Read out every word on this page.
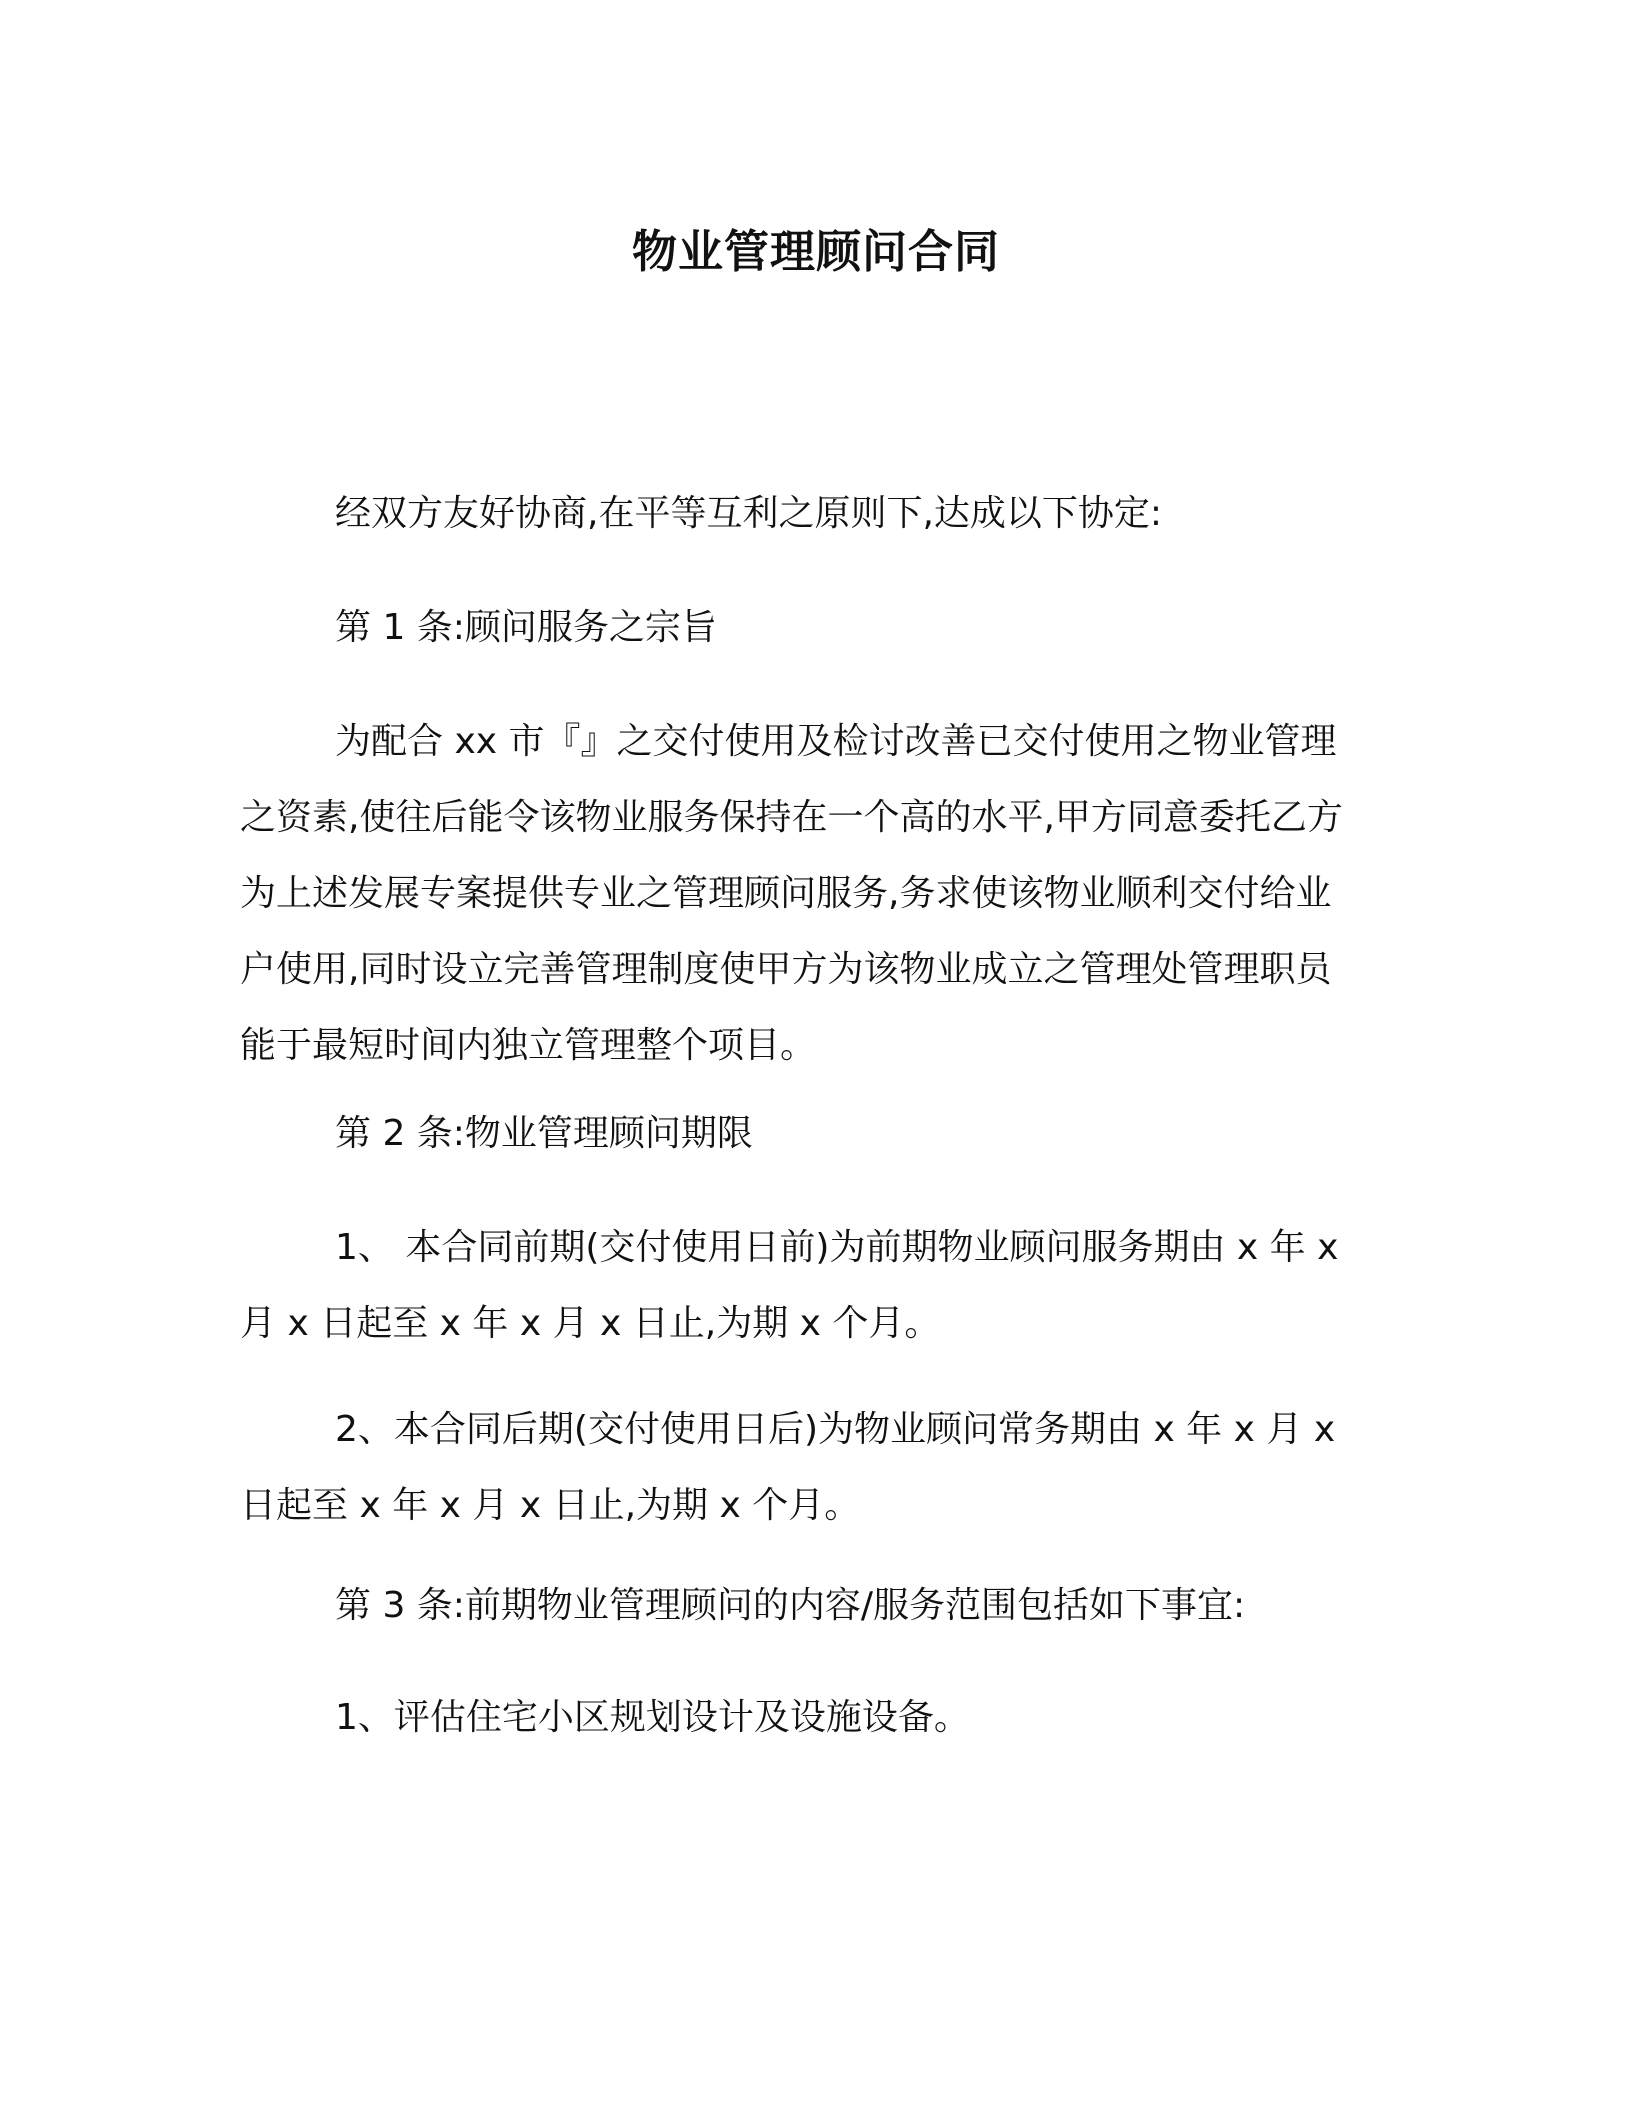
物业管理顾问合同
经双方友好协商,在平等互利之原则下,达成以下协定:
第 1 条:顾问服务之宗旨
为配合 xx 市『』之交付使用及检讨改善已交付使用之物业管理
之资素,使往后能令该物业服务保持在一个高的水平,甲方同意委托乙方
为上述发展专案提供专业之管理顾问服务,务求使该物业顺利交付给业
户使用,同时设立完善管理制度使甲方为该物业成立之管理处管理职员
能于最短时间内独立管理整个项目。
第 2 条:物业管理顾问期限
1、 本合同前期(交付使用日前)为前期物业顾问服务期由 x 年 x
月 x 日起至 x 年 x 月 x 日止,为期 x 个月。
2、本合同后期(交付使用日后)为物业顾问常务期由 x 年 x 月 x
日起至 x 年 x 月 x 日止,为期 x 个月。
第 3 条:前期物业管理顾问的内容/服务范围包括如下事宜:
1、评估住宅小区规划设计及设施设备。
